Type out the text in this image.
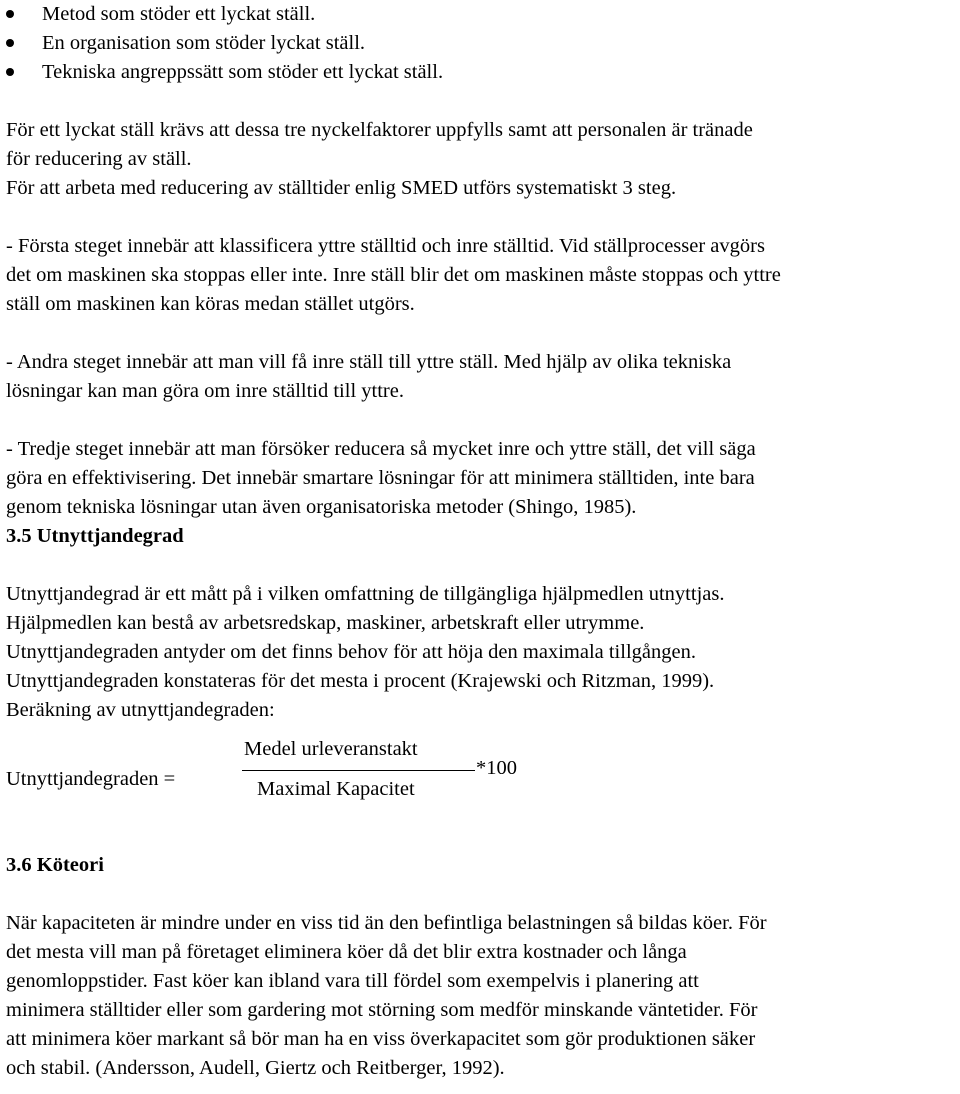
Metod som stöder ett lyckat ställ.
En organisation som stöder lyckat ställ.
Tekniska angreppssätt som stöder ett lyckat ställ.

För ett lyckat ställ krävs att dessa tre nyckelfaktorer uppfylls samt att personalen är tränade

för reducering av ställ.

För att arbeta med reducering av ställtider enlig SMED utförs systematiskt 3 steg.

- Första steget innebär att klassificera yttre ställtid och inre ställtid. Vid ställprocesser avgörs

det om maskinen ska stoppas eller inte. Inre ställ blir det om maskinen måste stoppas och yttre

ställ om maskinen kan köras medan stället utgörs.

- Andra steget innebär att man vill få inre ställ till yttre ställ. Med hjälp av olika tekniska

lösningar kan man göra om inre ställtid till yttre.

- Tredje steget innebär att man försöker reducera så mycket inre och yttre ställ, det vill säga

göra en effektivisering. Det innebär smartare lösningar för att minimera ställtiden, inte bara

genom tekniska lösningar utan även organisatoriska metoder (Shingo, 1985).

3.5 Utnyttjandegrad

Utnyttjandegrad är ett mått på i vilken omfattning de tillgängliga hjälpmedlen utnyttjas.

Hjälpmedlen kan bestå av arbetsredskap, maskiner, arbetskraft eller utrymme.

Utnyttjandegraden antyder om det finns behov för att höja den maximala tillgången.

Utnyttjandegraden konstateras för det mesta i procent (Krajewski och Ritzman, 1999).

Beräkning av utnyttjandegraden:

Utnyttjandegraden =
Medel urleveranstakt
Maximal Kapacitet
*100
3.6 Köteori

När kapaciteten är mindre under en viss tid än den befintliga belastningen så bildas köer. För

det mesta vill man på företaget eliminera köer då det blir extra kostnader och långa

genomloppstider. Fast köer kan ibland vara till fördel som exempelvis i planering att

minimera ställtider eller som gardering mot störning som medför minskande väntetider. För

att minimera köer markant så bör man ha en viss överkapacitet som gör produktionen säker

och stabil. (Andersson, Audell, Giertz och Reitberger, 1992).
